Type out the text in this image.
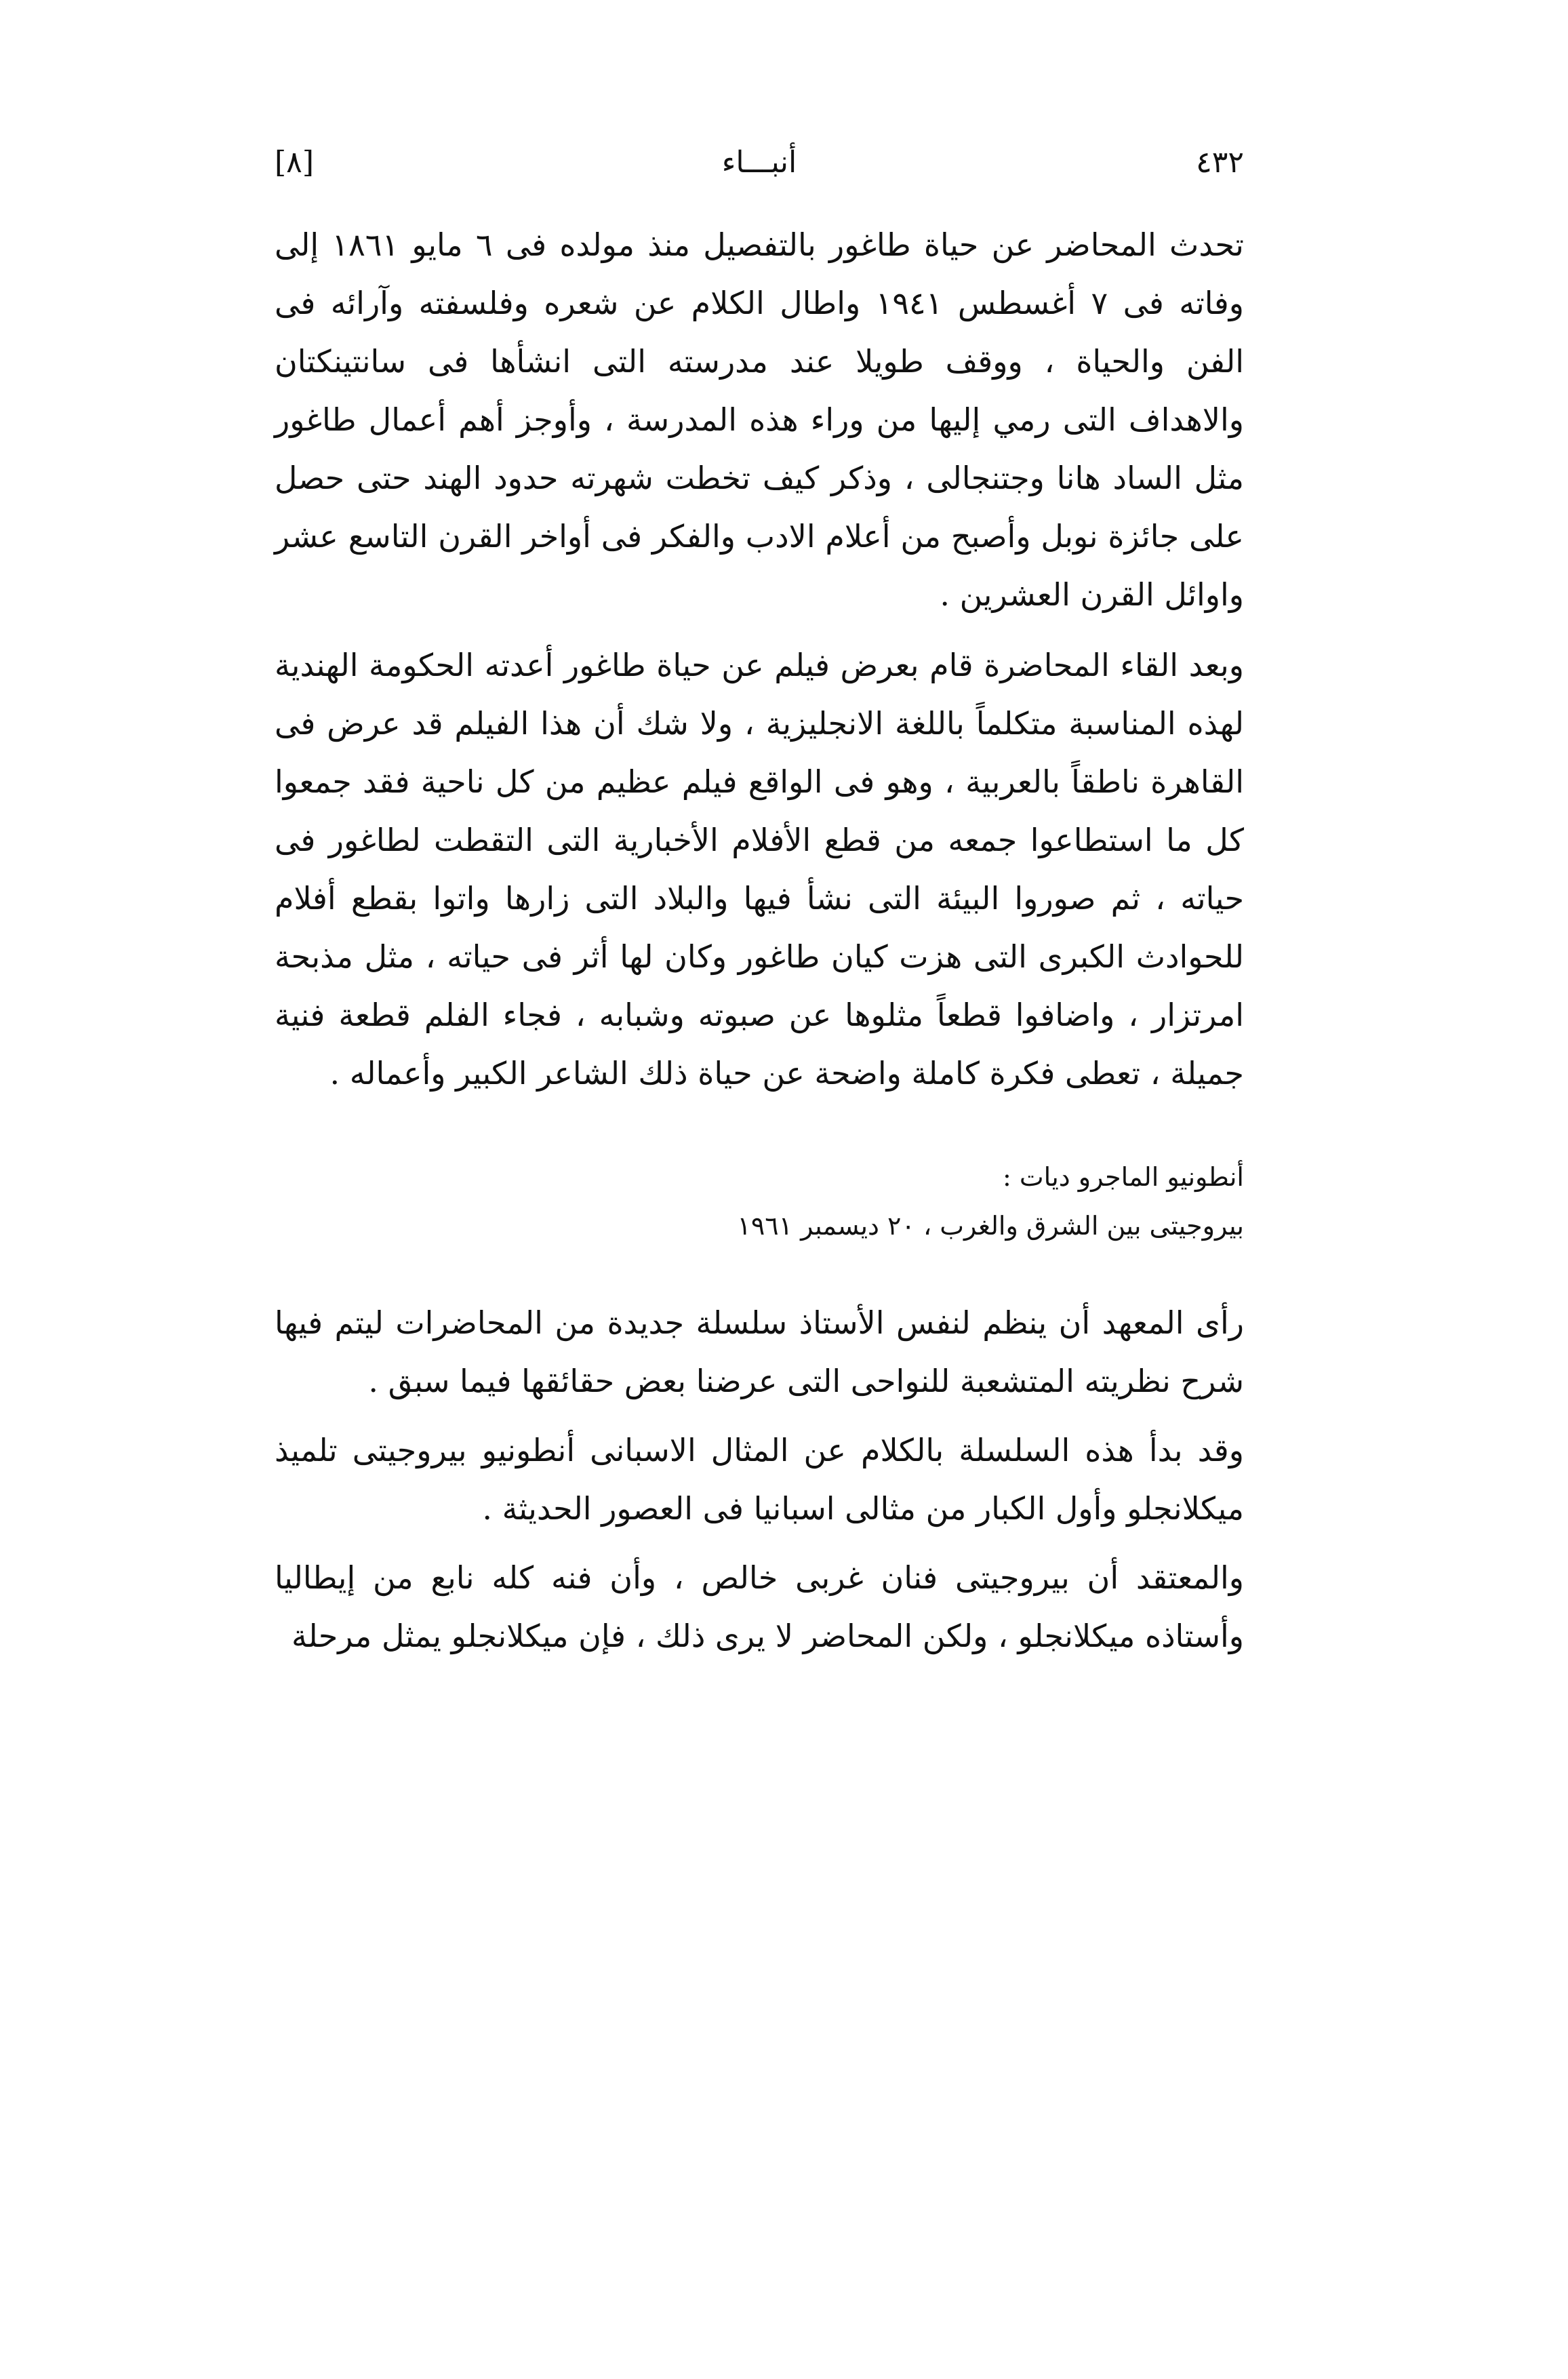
[٨]	أنبـــاء	٤٣٢

تحدث المحاضر عن حياة طاغور بالتفصيل منذ مولده فى ٦ مايو ١٨٦١ إلى وفاته فى ٧ أغسطس ١٩٤١ واطال الكلام عن شعره وفلسفته وآرائه فى الفن والحياة ، ووقف طويلا عند مدرسته التى انشأها فى سانتينكتان والاهداف التى رمي إليها من وراء هذه المدرسة ، وأوجز أهم أعمال طاغور مثل الساد هانا وجتنجالى ، وذكر كيف تخطت شهرته حدود الهند حتى حصل على جائزة نوبل وأصبح من أعلام الادب والفكر فى أواخر القرن التاسع عشر واوائل القرن العشرين .

وبعد القاء المحاضرة قام بعرض فيلم عن حياة طاغور أعدته الحكومة الهندية لهذه المناسبة متكلماً باللغة الانجليزية ، ولا شك أن هذا الفيلم قد عرض فى القاهرة ناطقاً بالعربية ، وهو فى الواقع فيلم عظيم من كل ناحية فقد جمعوا كل ما استطاعوا جمعه من قطع الأفلام الأخبارية التى التقطت لطاغور فى حياته ، ثم صوروا البيئة التى نشأ فيها والبلاد التى زارها واتوا بقطع أفلام للحوادث الكبرى التى هزت كيان طاغور وكان لها أثر فى حياته ، مثل مذبحة امرتزار ، واضافوا قطعاً مثلوها عن صبوته وشبابه ، فجاء الفلم قطعة فنية جميلة ، تعطى فكرة كاملة واضحة عن حياة ذلك الشاعر الكبير وأعماله .

أنطونيو الماجرو ديات :

بيروجيتى بين الشرق والغرب ، ٢٠ ديسمبر ١٩٦١

رأى المعهد أن ينظم لنفس الأستاذ سلسلة جديدة من المحاضرات ليتم فيها شرح نظريته المتشعبة للنواحى التى عرضنا بعض حقائقها فيما سبق .

وقد بدأ هذه السلسلة بالكلام عن المثال الاسبانى أنطونيو بيروجيتى تلميذ ميكلانجلو وأول الكبار من مثالى اسبانيا فى العصور الحديثة .

والمعتقد أن بيروجيتى فنان غربى خالص ، وأن فنه كله نابع من إيطاليا وأستاذه ميكلانجلو ، ولكن المحاضر لا يرى ذلك ، فإن ميكلانجلو يمثل مرحلة
